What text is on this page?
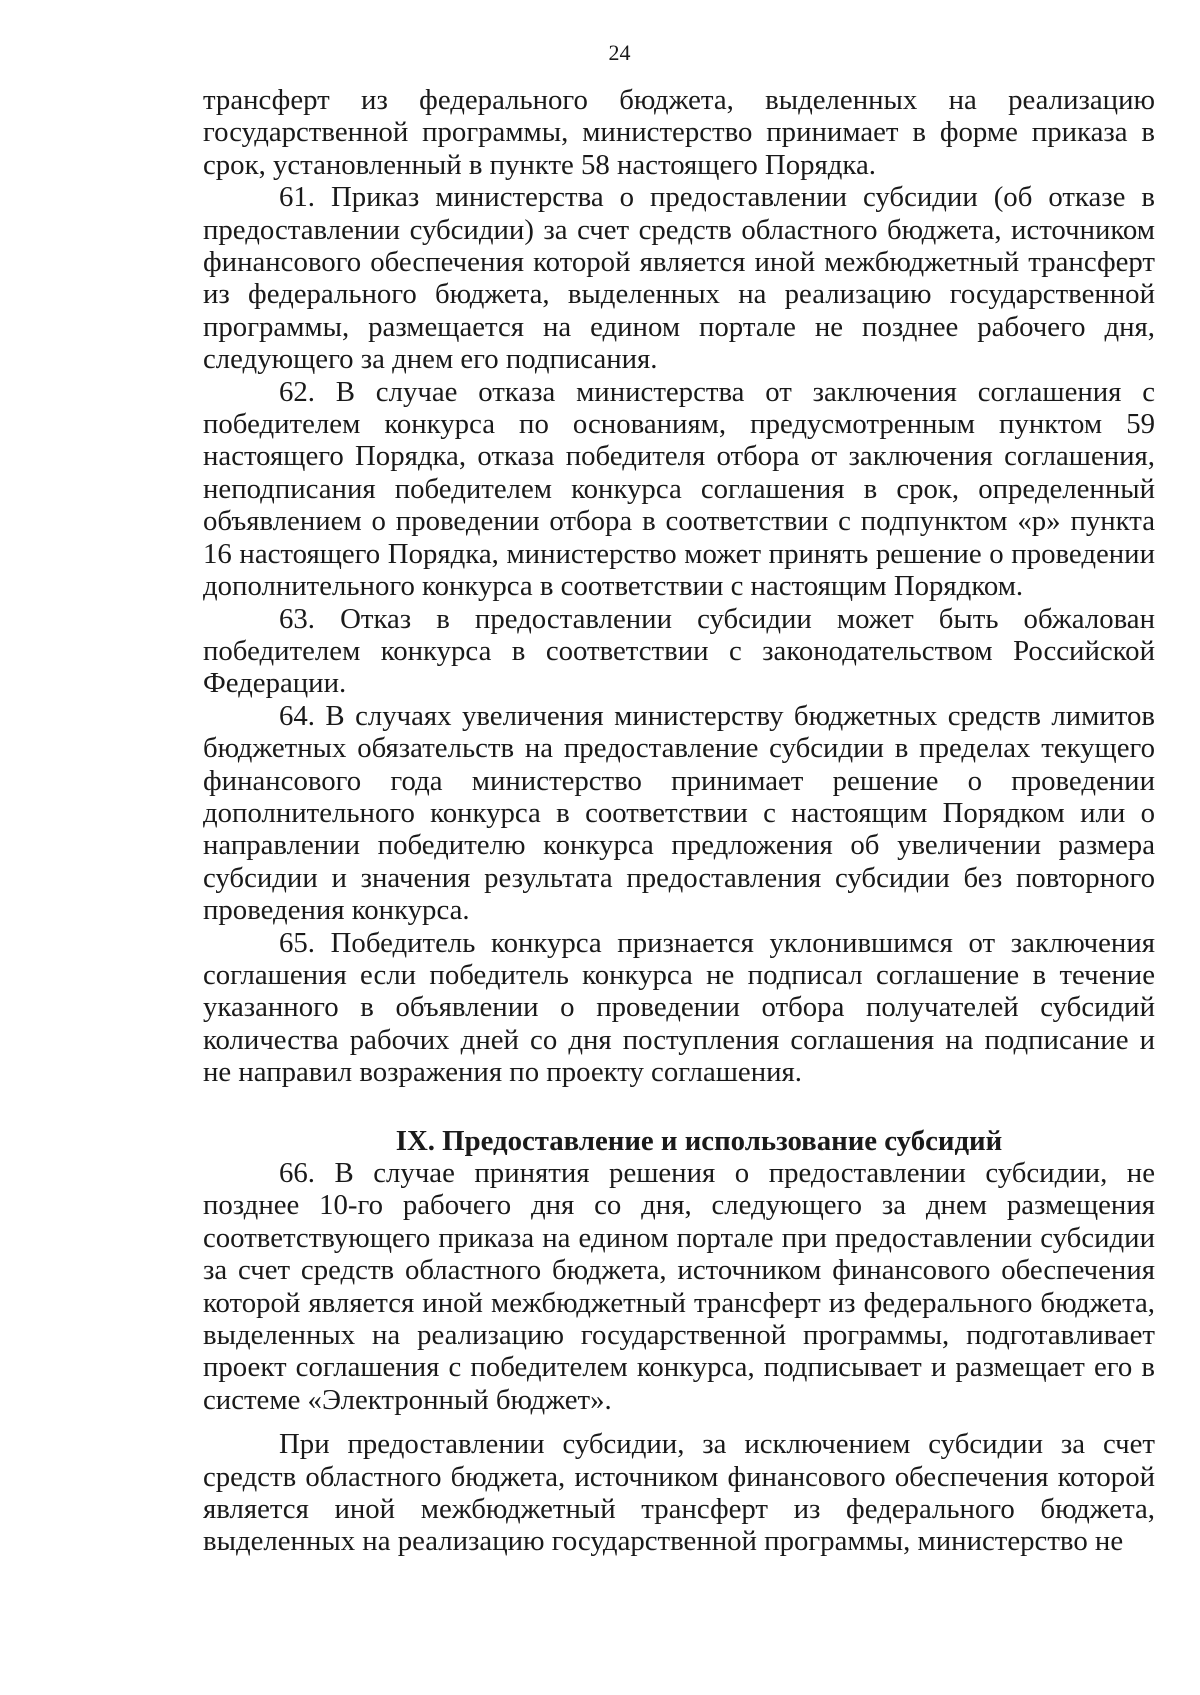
24

трансферт из федерального бюджета, выделенных на реализацию государственной программы, министерство принимает в форме приказа в срок, установленный в пункте 58 настоящего Порядка.

61. Приказ министерства о предоставлении субсидии (об отказе в предоставлении субсидии) за счет средств областного бюджета, источником финансового обеспечения которой является иной межбюджетный трансферт из федерального бюджета, выделенных на реализацию государственной программы, размещается на едином портале не позднее рабочего дня, следующего за днем его подписания.

62. В случае отказа министерства от заключения соглашения с победителем конкурса по основаниям, предусмотренным пунктом 59 настоящего Порядка, отказа победителя отбора от заключения соглашения, неподписания победителем конкурса соглашения в срок, определенный объявлением о проведении отбора в соответствии с подпунктом «р» пункта 16 настоящего Порядка, министерство может принять решение о проведении дополнительного конкурса в соответствии с настоящим Порядком.

63. Отказ в предоставлении субсидии может быть обжалован победителем конкурса в соответствии с законодательством Российской Федерации.

64. В случаях увеличения министерству бюджетных средств лимитов бюджетных обязательств на предоставление субсидии в пределах текущего финансового года министерство принимает решение о проведении дополнительного конкурса в соответствии с настоящим Порядком или о направлении победителю конкурса предложения об увеличении размера субсидии и значения результата предоставления субсидии без повторного проведения конкурса.

65. Победитель конкурса признается уклонившимся от заключения соглашения если победитель конкурса не подписал соглашение в течение указанного в объявлении о проведении отбора получателей субсидий количества рабочих дней со дня поступления соглашения на подписание и не направил возражения по проекту соглашения.

IX. Предоставление и использование субсидий

66. В случае принятия решения о предоставлении субсидии, не позднее 10-го рабочего дня со дня, следующего за днем размещения соответствующего приказа на едином портале при предоставлении субсидии за счет средств областного бюджета, источником финансового обеспечения которой является иной межбюджетный трансферт из федерального бюджета, выделенных на реализацию государственной программы, подготавливает проект соглашения с победителем конкурса, подписывает и размещает его в системе «Электронный бюджет».

При предоставлении субсидии, за исключением субсидии за счет средств областного бюджета, источником финансового обеспечения которой является иной межбюджетный трансферт из федерального бюджета, выделенных на реализацию государственной программы, министерство не
